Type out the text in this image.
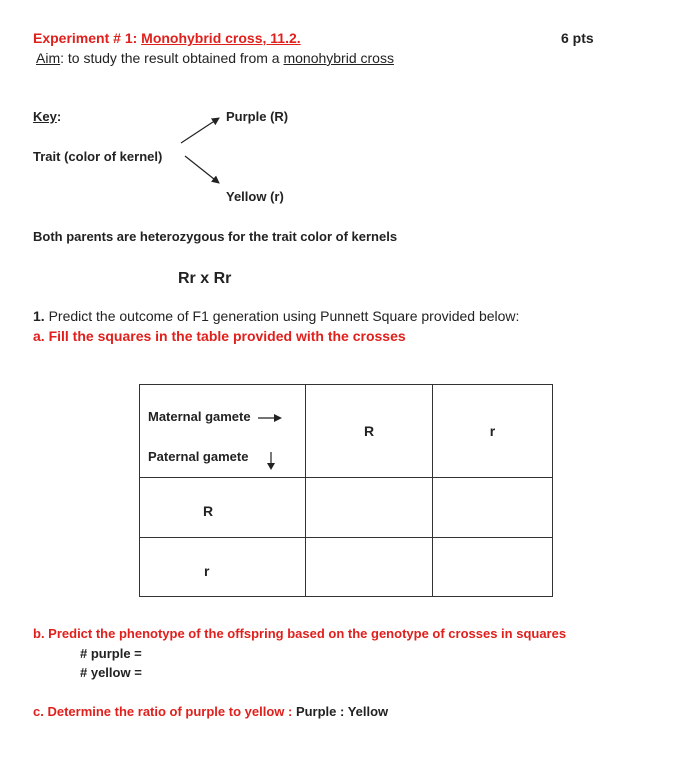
Experiment # 1: Monohybrid cross, 11.2.	6 pts
Aim: to study the result obtained from a monohybrid cross
Key:	Purple (R)
Trait (color of kernel)
Yellow (r)
Both parents are heterozygous for the trait color of kernels
Rr x Rr
1. Predict the outcome of F1 generation using Punnett Square provided below:
a. Fill the squares in the table provided with the crosses
Maternal gamete
Paternal gamete	R	r

R		

r		

b. Predict the phenotype of the offspring based on the genotype of crosses in squares
# purple =
# yellow =
c. Determine the ratio of purple to yellow : Purple : Yellow
